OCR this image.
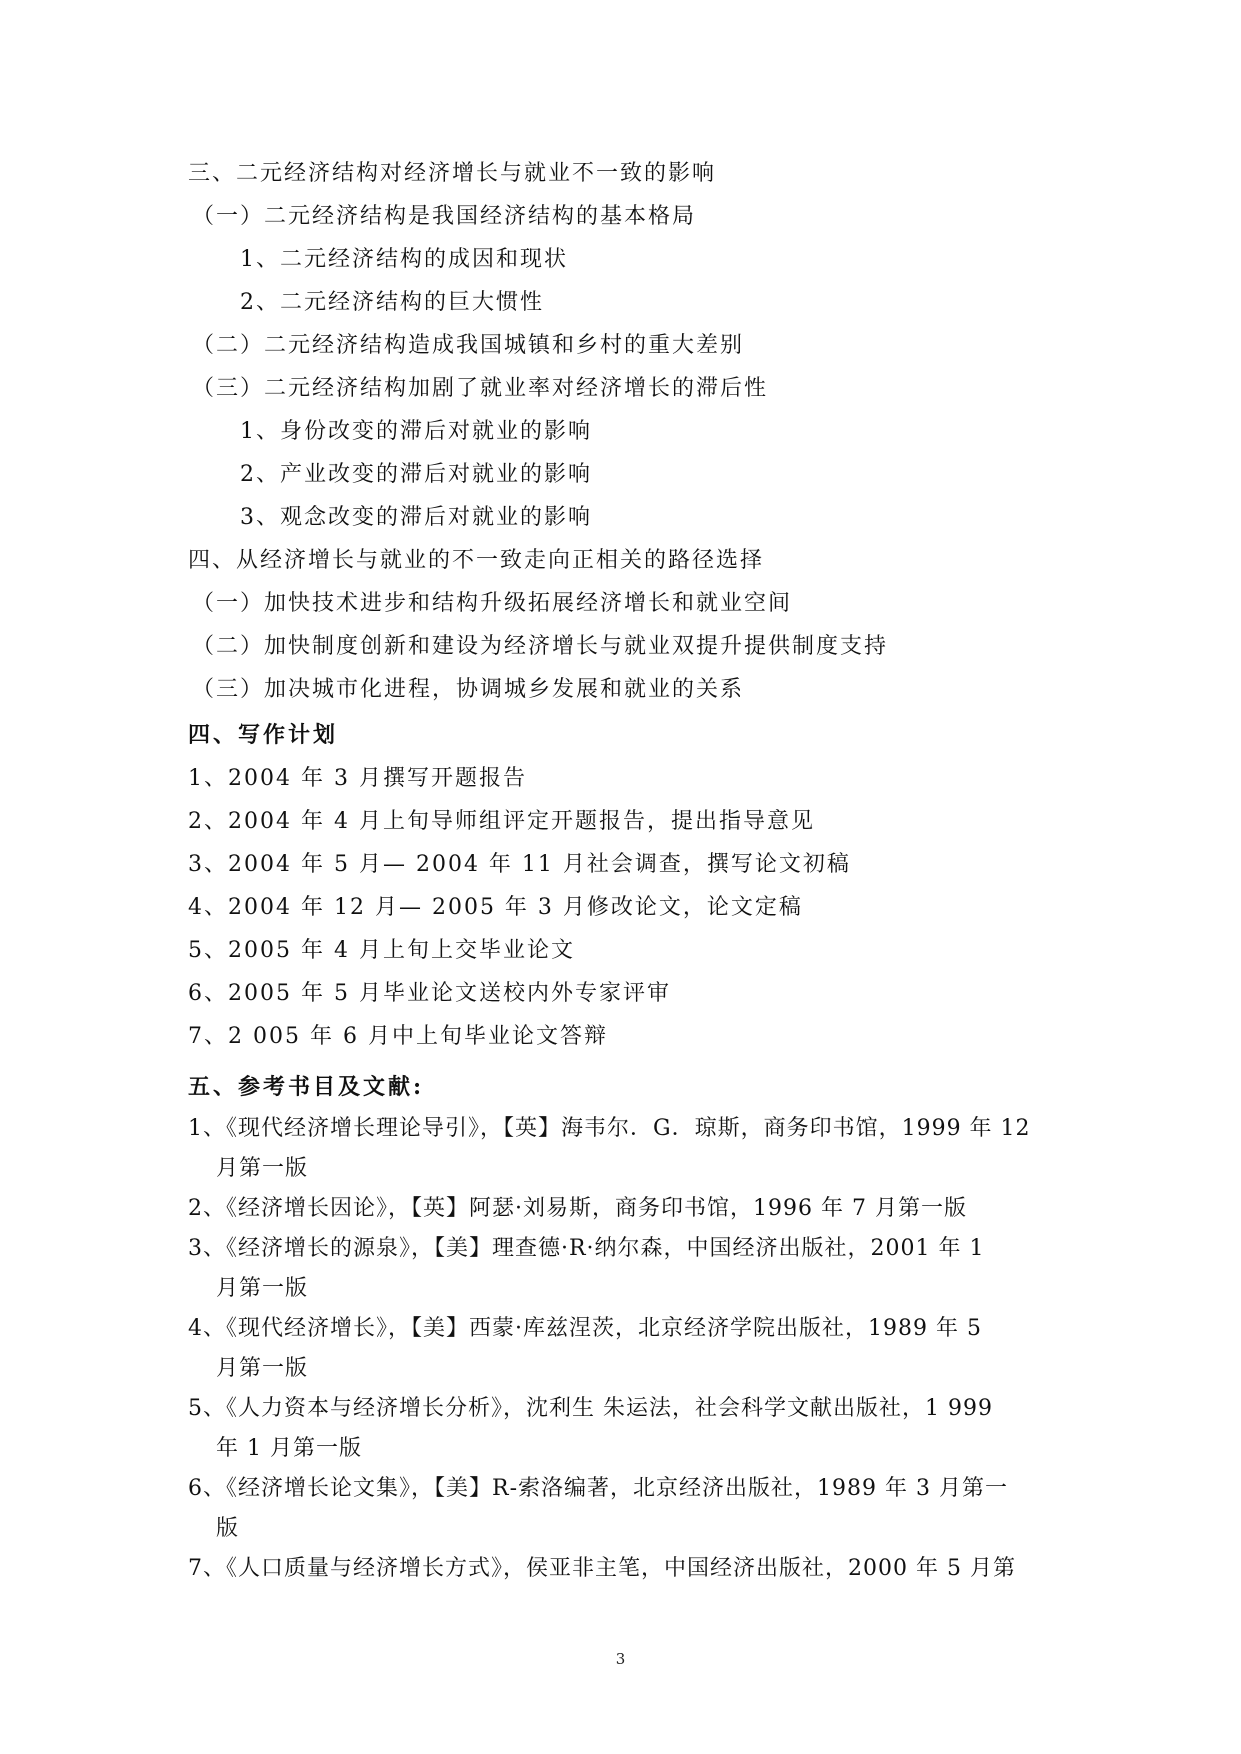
三、二元经济结构对经济增长与就业不一致的影响
（一）二元经济结构是我国经济结构的基本格局
1、二元经济结构的成因和现状
2、二元经济结构的巨大惯性
（二）二元经济结构造成我国城镇和乡村的重大差别
（三）二元经济结构加剧了就业率对经济增长的滞后性
1、身份改变的滞后对就业的影响
2、产业改变的滞后对就业的影响
3、观念改变的滞后对就业的影响
四、从经济增长与就业的不一致走向正相关的路径选择
（一）加快技术进步和结构升级拓展经济增长和就业空间
（二）加快制度创新和建设为经济增长与就业双提升提供制度支持
（三）加决城市化进程，协调城乡发展和就业的关系
四、写作计划
1、2004 年 3 月撰写开题报告
2、2004 年 4 月上旬导师组评定开题报告，提出指导意见
3、2004 年 5 月— 2004 年 11 月社会调查，撰写论文初稿
4、2004 年 12 月— 2005 年 3 月修改论文，论文定稿
5、2005 年 4 月上旬上交毕业论文
6、2005 年 5 月毕业论文送校内外专家评审
7、2 005 年 6 月中上旬毕业论文答辩
五、参考书目及文献:
1、《现代经济增长理论导引》，【英】海韦尔．G．琼斯，商务印书馆，1999 年 12
月第一版
2、《经济增长因论》，【英】阿瑟·刘易斯，商务印书馆，1996 年 7 月第一版
3、《经济增长的源泉》，【美】理查德·R·纳尔森，中国经济出版社，2001 年 1
月第一版
4、《现代经济增长》，【美】西蒙·库兹涅茨，北京经济学院出版社，1989 年 5
月第一版
5、《人力资本与经济增长分析》，沈利生 朱运法，社会科学文献出版社，1 999
年 1 月第一版
6、《经济增长论文集》，【美】R-索洛编著，北京经济出版社，1989 年 3 月第一
版
7、《人口质量与经济增长方式》，侯亚非主笔，中国经济出版社，2000 年 5 月第
3
